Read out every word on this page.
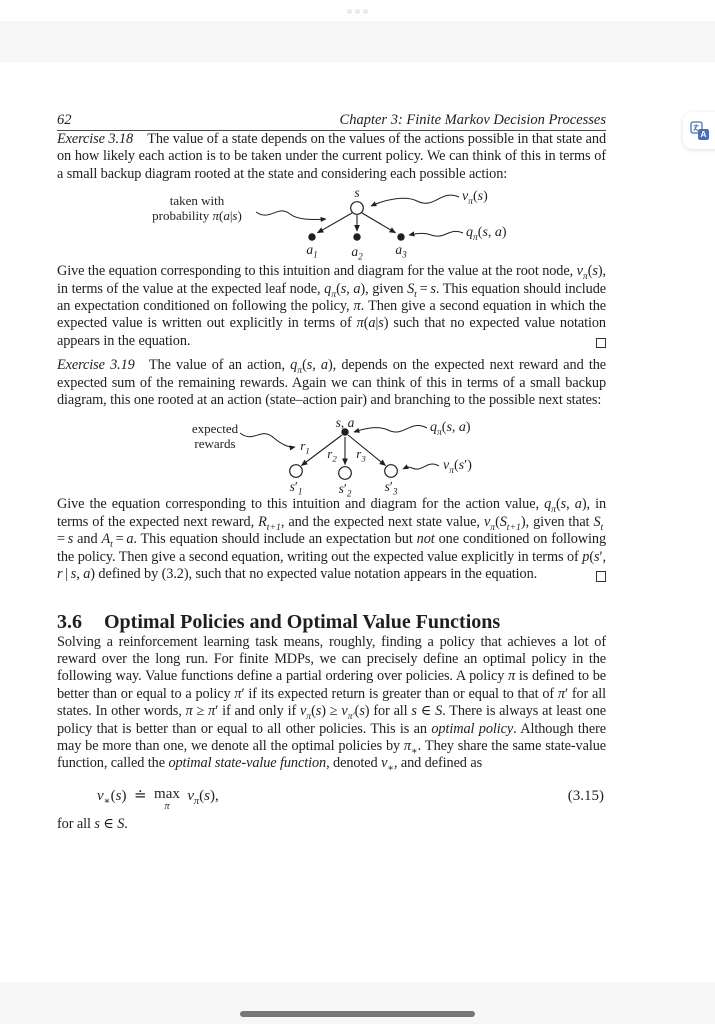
62	Chapter 3: Finite Markov Decision Processes

Exercise 3.18 The value of a state depends on the values of the actions possible in that state and on how likely each action is to be taken under the current policy. We can think of this in terms of a small backup diagram rooted at the state and considering each possible action:

s
$a_1$ $a_2$ $a_3$
taken with
probability π(a|s)
$v_\pi(s)$
$q_\pi(s$, a)

Give the equation corresponding to this intuition and diagram for the value at the root node, $v_\pi(s)$, in terms of the value at the expected leaf node, $q_\pi(s$, a), given $S_t = s$. This equation should include an expectation conditioned on following the policy, π. Then give a second equation in which the expected value is written out explicitly in terms of π(a|s) such that no expected value notation appears in the equation.

Exercise 3.19 The value of an action, $q_\pi(s$, a), depends on the expected next reward and the expected sum of the remaining rewards. Again we can think of this in terms of a small backup diagram, this one rooted at an action (state–action pair) and branching to the possible next states:

s, a
$r_1$ $r_2$ $r_3$
$s'_1$	$s'_2$ $s'_3$
expected
rewards
$q_\pi(s$, a)
$v_\pi(s')$

Give the equation corresponding to this intuition and diagram for the action value, $q_\pi(s$, a), in terms of the expected next reward, $R_{t+1}$, and the expected next state value, $v_\pi(S_{t+1})$, given that $S_t = s$ and $A_t = a$. This equation should include an expectation but not one conditioned on following the policy. Then give a second equation, writing out the expected value explicitly in terms of p(s′, r | s, a) defined by (3.2), such that no expected value notation appears in the equation.

3.6 Optimal Policies and Optimal Value Functions

Solving a reinforcement learning task means, roughly, finding a policy that achieves a lot of reward over the long run. For finite MDPs, we can precisely define an optimal policy in the following way. Value functions define a partial ordering over policies. A policy π is defined to be better than or equal to a policy π′ if its expected return is greater than or equal to that of π′ for all states. In other words, π ≥ π′ if and only if $v_\pi(s) \ge v_{\pi'}(s)$ for all s ∈ S. There is always at least one policy that is better than or equal to all other policies. This is an optimal policy. Although there may be more than one, we denote all the optimal policies by $\pi_∗$. They share the same state-value function, called the optimal state-value function, denoted $v_∗$, and defined as

$v_∗(s)$ ≐  max
π
 $v_\pi(s)$,	(3.15)

for all s ∈ S.

A
